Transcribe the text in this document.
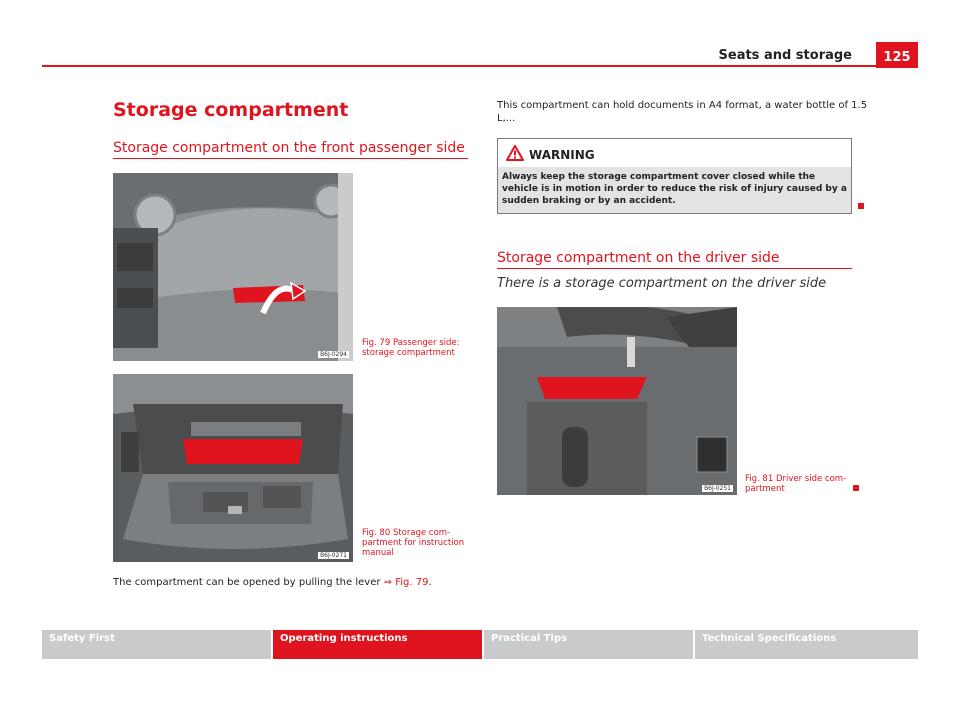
Seats and storage	125
Storage compartment
Storage compartment on the front passenger side
B6J-0294
Fig. 79 Passenger side:
storage compartment
B6J-0271
Fig. 80 Storage com-
partment for instruction
manual
The compartment can be opened by pulling the lever ⇒ Fig. 79.
This compartment can hold documents in A4 format, a water bottle of 1.5
L,...
WARNING
Always keep the storage compartment cover closed while the vehicle is in motion in order to reduce the risk of injury caused by a sudden braking or by an accident.
Storage compartment on the driver side
There is a storage compartment on the driver side
B6J-0251
Fig. 81 Driver side com-
partment
Safety First	Operating instructions	Practical Tips	Technical Specifications
